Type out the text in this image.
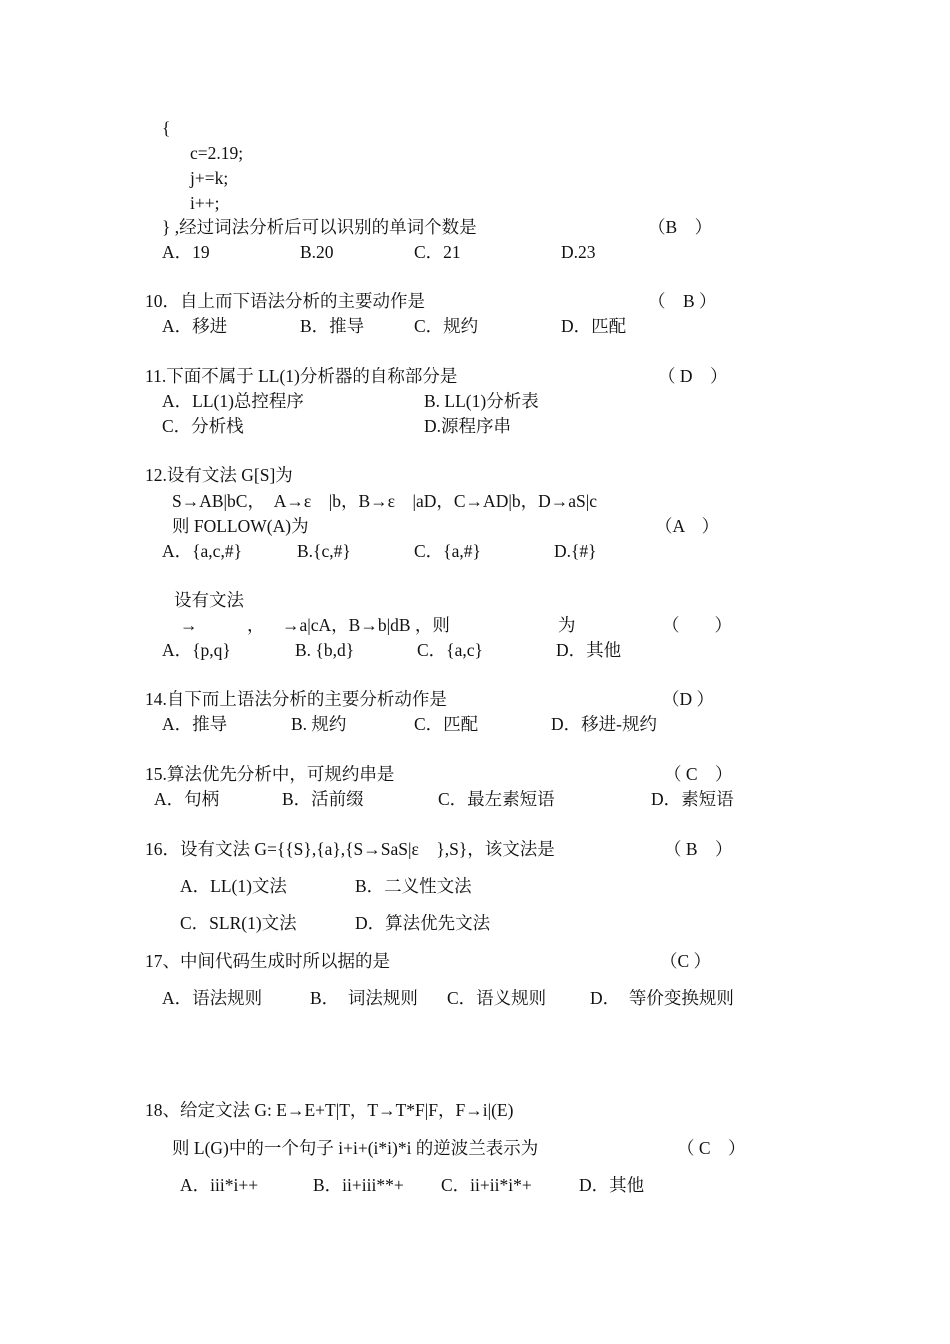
{
c=2.19;
j+=k;
i++;
} ,经过词法分析后可以识别的单词个数是	（B　）
A．19	B.20	C．21	D.23
10．自上而下语法分析的主要动作是	（　B ）
A．移进	B．推导	C．规约	D．匹配
11.下面不属于 LL(1)分析器的自称部分是	（ D　）
A．LL(1)总控程序	B. LL(1)分析表
C．分析栈	D.源程序串
12.设有文法 G[S]为
S→AB|bC，　A→ε　|b，B→ε　|aD，C→AD|b，D→aS|c
则 FOLLOW(A)为	（A　）
A．{a,c,#}	B.{c,#}	C．{a,#}	D.{#}
设有文法
→	， →a|cA，B→b|dB ，则	为	（　　）
A．{p,q}	B. {b,d}	C．{a,c}	D．其他
14.自下而上语法分析的主要分析动作是	（D ）
A．推导	B. 规约	C．匹配	D．移进-规约
15.算法优先分析中，可规约串是	（ C　）
A．句柄	B．活前缀	C．最左素短语	D．素短语
16．设有文法 G={{S},{a},{S→SaS|ε　},S}，该文法是	（ B　）
A．LL(1)文法	B．二义性文法
C．SLR(1)文法	D．算法优先文法
17、中间代码生成时所以据的是	（C ）
A．语法规则	B．　词法规则 C．语义规则	D．　等价变换规则
18、给定文法 G: E→E+T|T，T→T*F|F，F→i|(E)
则 L(G)中的一个句子 i+i+(i*i)*i 的逆波兰表示为	（ C　）
A．iii*i++	B．ii+iii**+ C．ii+ii*i*+	D．其他
